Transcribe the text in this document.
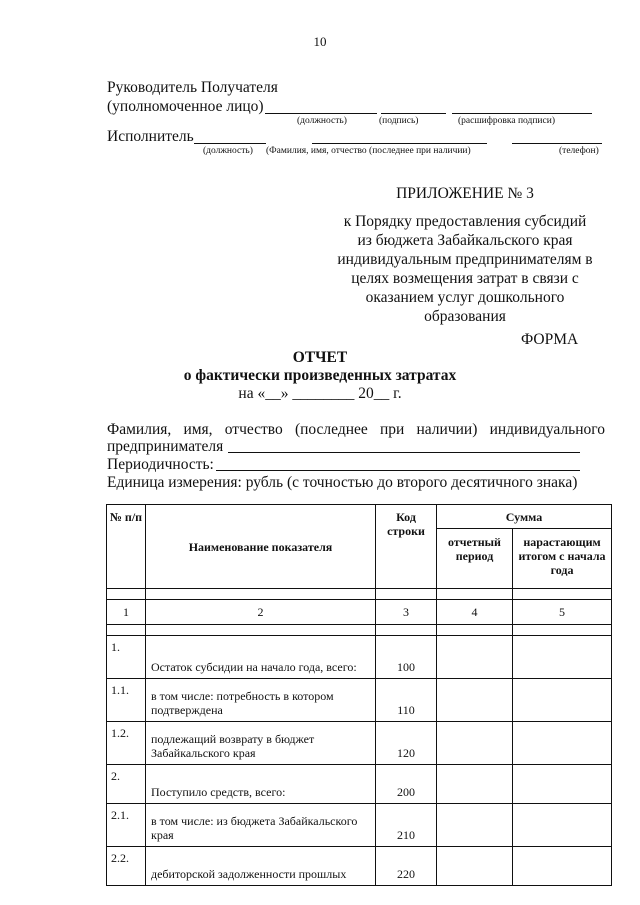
10
Руководитель Получателя
(уполномоченное лицо)
(должность)	(подпись)	(расшифровка подписи)
Исполнитель
(должность) (Фамилия, имя, отчество (последнее при наличии)	(телефон)
ПРИЛОЖЕНИЕ № 3
к Порядку предоставления субсидий
из бюджета Забайкальского края
индивидуальным предпринимателям в
целях возмещения затрат в связи с
оказанием услуг дошкольного
образования
ФОРМА
ОТЧЕТ
о фактически произведенных затратах
на «__» ________ 20__ г.
Фамилия, имя, отчество (последнее при наличии) индивидуального
предпринимателя
Периодичность:
Единица измерения: рубль (с точностью до второго десятичного знака)
№ п/п	Наименование показателя	Код строки	Сумма	
			отчетный период	нарастающим итогом с начала года

1	2	3	4	5

1.	Остаток субсидии на начало года, всего:	100		
1.1.	в том числе: потребность в котором подтверждена	110		
1.2.	подлежащий возврату в бюджет Забайкальского края	120		
2.	Поступило средств, всего:	200		
2.1.	в том числе: из бюджета Забайкальского края	210		
2.2.	дебиторской задолженности прошлых	220		
